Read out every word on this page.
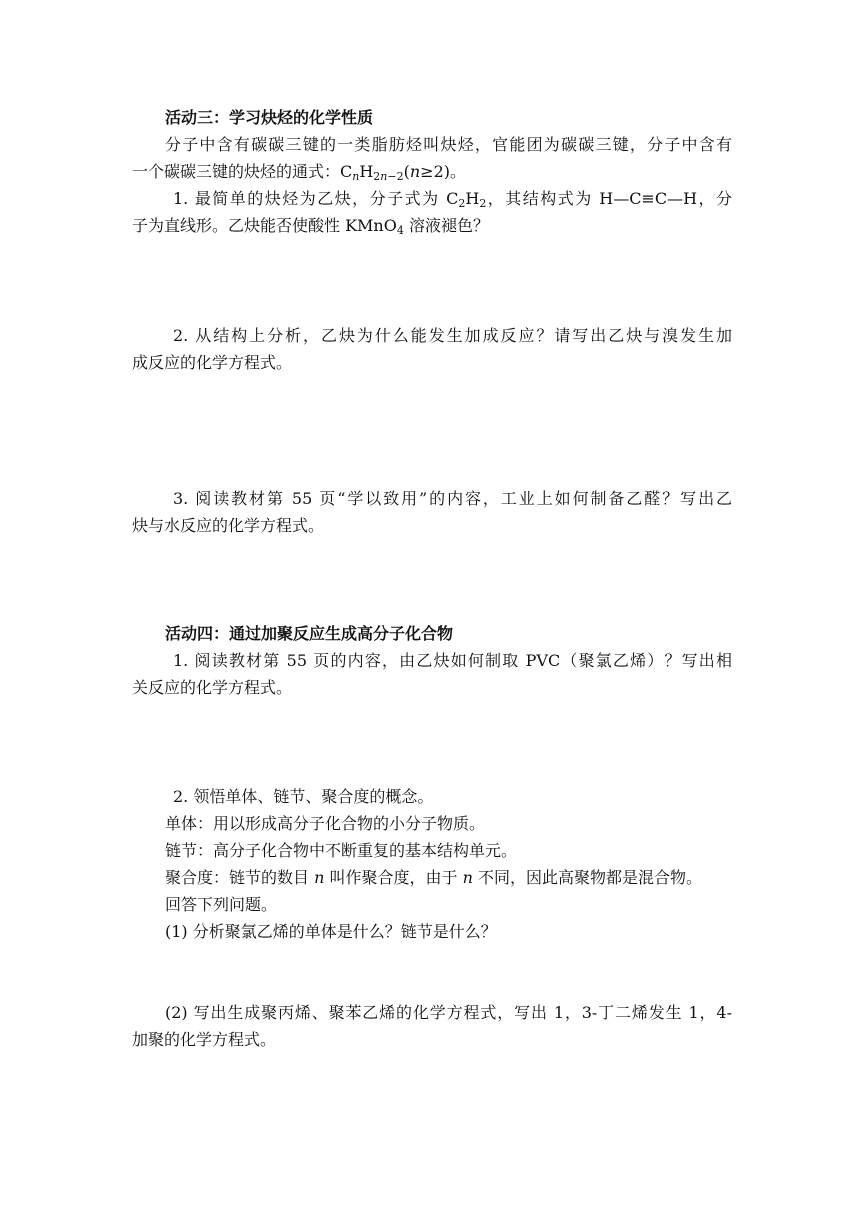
活动三：学习炔烃的化学性质
分子中含有碳碳三键的一类脂肪烃叫炔烃，官能团为碳碳三键，分子中含有
一个碳碳三键的炔烃的通式：$C_nH_{2n-2}(n\ge 2)$。
1. 最简单的炔烃为乙炔，分子式为 $C_2H_2$，其结构式为 H—C≡C—H，分
子为直线形。乙炔能否使酸性 KMnO$_4$ 溶液褪色？
2. 从结构上分析，乙炔为什么能发生加成反应？请写出乙炔与溴发生加
成反应的化学方程式。
3. 阅读教材第 55 页“学以致用”的内容，工业上如何制备乙醛？写出乙
炔与水反应的化学方程式。
活动四：通过加聚反应生成高分子化合物
1. 阅读教材第 55 页的内容，由乙炔如何制取 PVC（聚氯乙烯）？写出相
关反应的化学方程式。
2. 领悟单体、链节、聚合度的概念。
单体：用以形成高分子化合物的小分子物质。
链节：高分子化合物中不断重复的基本结构单元。
聚合度：链节的数目 n 叫作聚合度，由于 n 不同，因此高聚物都是混合物。
回答下列问题。
(1) 分析聚氯乙烯的单体是什么？链节是什么？
(2) 写出生成聚丙烯、聚苯乙烯的化学方程式，写出 1，3-丁二烯发生 1，4-
加聚的化学方程式。
